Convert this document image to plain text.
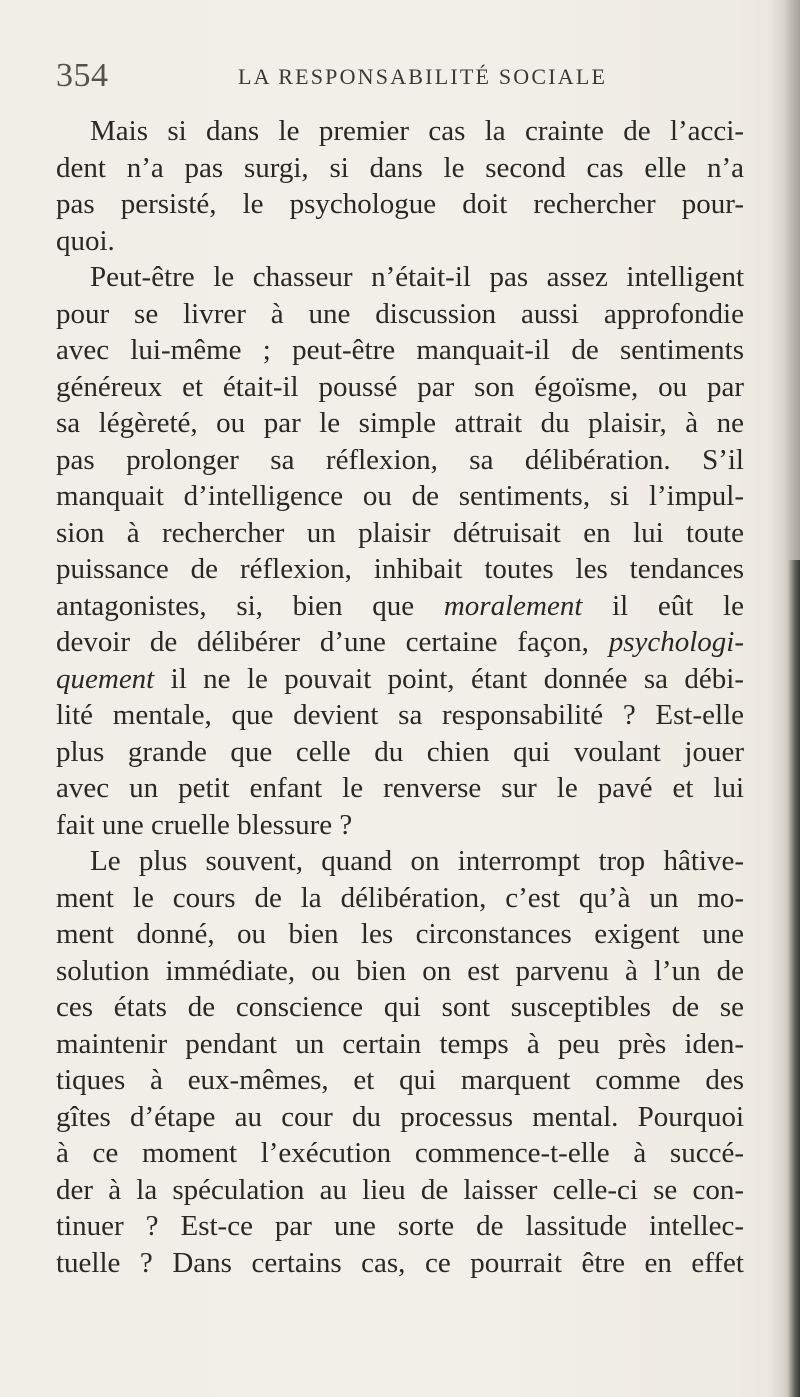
354	LA RESPONSABILITÉ SOCIALE
Mais si dans le premier cas la crainte de l’acci-
dent n’a pas surgi, si dans le second cas elle n’a
pas persisté, le psychologue doit rechercher pour-
quoi.
Peut-être le chasseur n’était-il pas assez intelligent
pour se livrer à une discussion aussi approfondie
avec lui-même ; peut-être manquait-il de sentiments
généreux et était-il poussé par son égoïsme, ou par
sa légèreté, ou par le simple attrait du plaisir, à ne
pas prolonger sa réflexion, sa délibération. S’il
manquait d’intelligence ou de sentiments, si l’impul-
sion à rechercher un plaisir détruisait en lui toute
puissance de réflexion, inhibait toutes les tendances
antagonistes, si, bien que moralement il eût le
devoir de délibérer d’une certaine façon, psychologi-
quement il ne le pouvait point, étant donnée sa débi-
lité mentale, que devient sa responsabilité ? Est-elle
plus grande que celle du chien qui voulant jouer
avec un petit enfant le renverse sur le pavé et lui
fait une cruelle blessure ?
Le plus souvent, quand on interrompt trop hâtive-
ment le cours de la délibération, c’est qu’à un mo-
ment donné, ou bien les circonstances exigent une
solution immédiate, ou bien on est parvenu à l’un de
ces états de conscience qui sont susceptibles de se
maintenir pendant un certain temps à peu près iden-
tiques à eux-mêmes, et qui marquent comme des
gîtes d’étape au cour du processus mental. Pourquoi
à ce moment l’exécution commence-t-elle à succé-
der à la spéculation au lieu de laisser celle-ci se con-
tinuer ? Est-ce par une sorte de lassitude intellec-
tuelle ? Dans certains cas, ce pourrait être en effet
